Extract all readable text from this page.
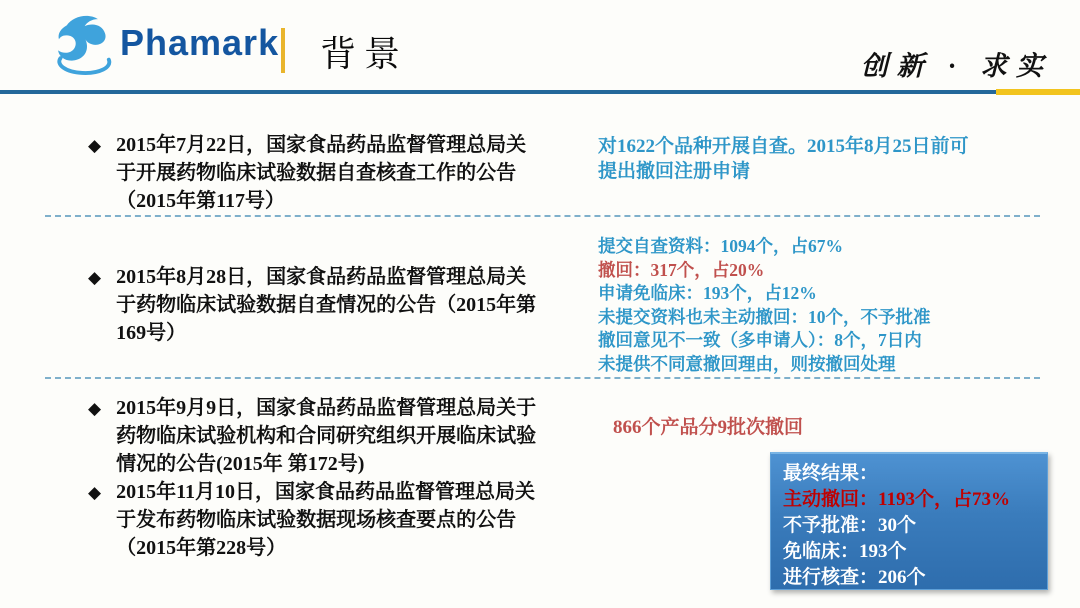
Phamark 背景	创新 · 求实
◆ 2015年7月22日，国家食品药品监督管理总局关于开展药物临床试验数据自查核查工作的公告（2015年第117号）
对1622个品种开展自查。2015年8月25日前可提出撤回注册申请
◆ 2015年8月28日，国家食品药品监督管理总局关于药物临床试验数据自查情况的公告（2015年第169号）
提交自查资料：1094个，占67%
撤回：317个，占20%
申请免临床：193个，占12%
未提交资料也未主动撤回：10个，不予批准
撤回意见不一致（多申请人）：8个，7日内
未提供不同意撤回理由，则按撤回处理
◆ 2015年9月9日，国家食品药品监督管理总局关于药物临床试验机构和合同研究组织开展临床试验情况的公告(2015年 第172号)
◆ 2015年11月10日，国家食品药品监督管理总局关于发布药物临床试验数据现场核查要点的公告（2015年第228号）
866个产品分9批次撤回
最终结果：
主动撤回：1193个，占73%
不予批准：30个
免临床：193个
进行核查：206个
